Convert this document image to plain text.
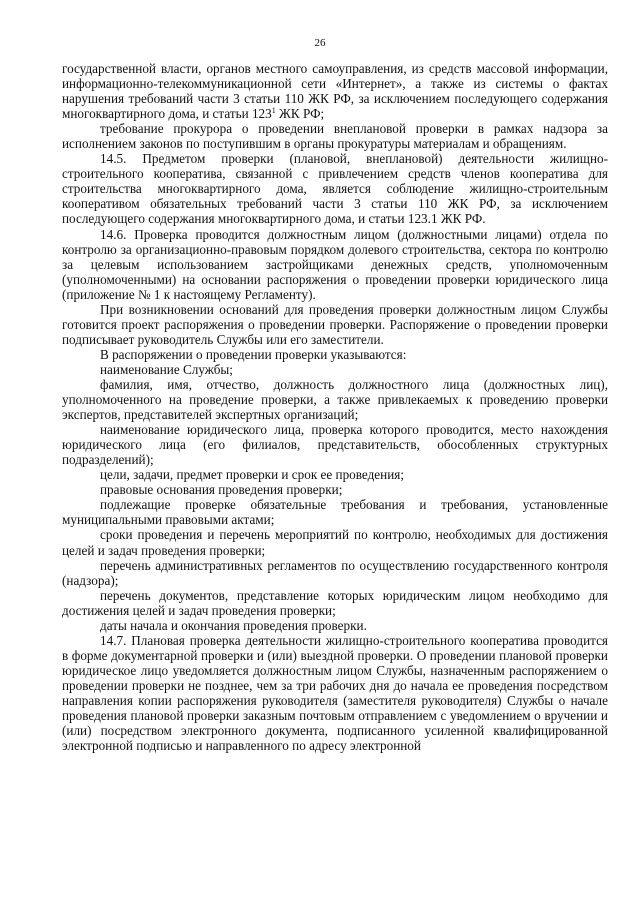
26

государственной власти, органов местного самоуправления, из средств массовой информации, информационно-телекоммуникационной сети «Интернет», а также из системы о фактах нарушения требований части 3 статьи 110 ЖК РФ, за исключением последующего содержания многоквартирного дома, и статьи $123^1$ ЖК РФ;

требование прокурора о проведении внеплановой проверки в рамках надзора за исполнением законов по поступившим в органы прокуратуры материалам и обращениям.

14.5. Предметом проверки (плановой, внеплановой) деятельности жилищно-строительного кооператива, связанной с привлечением средств членов кооператива для строительства многоквартирного дома, является соблюдение жилищно-строительным кооперативом обязательных требований части 3 статьи 110 ЖК РФ, за исключением последующего содержания многоквартирного дома, и статьи 123.1 ЖК РФ.

14.6. Проверка проводится должностным лицом (должностными лицами) отдела по контролю за организационно-правовым порядком долевого строительства, сектора по контролю за целевым использованием застройщиками денежных средств, уполномоченным (уполномоченными) на основании распоряжения о проведении проверки юридического лица (приложение № 1 к настоящему Регламенту).

При возникновении оснований для проведения проверки должностным лицом Службы готовится проект распоряжения о проведении проверки. Распоряжение о проведении проверки подписывает руководитель Службы или его заместители.

В распоряжении о проведении проверки указываются:

наименование Службы;

фамилия, имя, отчество, должность должностного лица (должностных лиц), уполномоченного на проведение проверки, а также привлекаемых к проведению проверки экспертов, представителей экспертных организаций;

наименование юридического лица, проверка которого проводится, место нахождения юридического лица (его филиалов, представительств, обособленных структурных подразделений);

цели, задачи, предмет проверки и срок ее проведения;

правовые основания проведения проверки;

подлежащие проверке обязательные требования и требования, установленные муниципальными правовыми актами;

сроки проведения и перечень мероприятий по контролю, необходимых для достижения целей и задач проведения проверки;

перечень административных регламентов по осуществлению государственного контроля (надзора);

перечень документов, представление которых юридическим лицом необходимо для достижения целей и задач проведения проверки;

даты начала и окончания проведения проверки.

14.7. Плановая проверка деятельности жилищно-строительного кооператива проводится в форме документарной проверки и (или) выездной проверки. О проведении плановой проверки юридическое лицо уведомляется должностным лицом Службы, назначенным распоряжением о проведении проверки не позднее, чем за три рабочих дня до начала ее проведения посредством направления копии распоряжения руководителя (заместителя руководителя) Службы о начале проведения плановой проверки заказным почтовым отправлением с уведомлением о вручении и (или) посредством электронного документа, подписанного усиленной квалифицированной электронной подписью и направленного по адресу электронной
